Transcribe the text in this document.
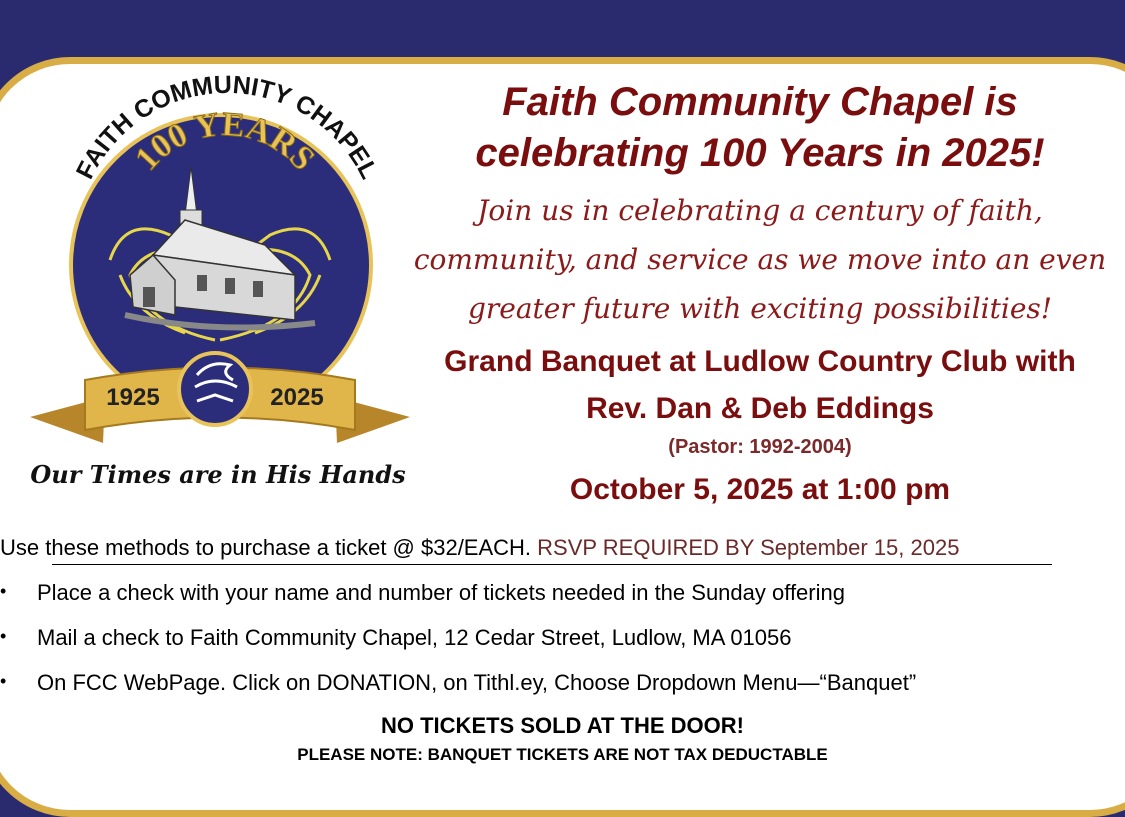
FAITH COMMUNITY CHAPEL
100 YEARS
1925	2025
Our Times are in His Hands
Faith Community Chapel is
celebrating 100 Years in 2025!
Join us in celebrating a century of faith,
community, and service as we move into an even
greater future with exciting possibilities!
Grand Banquet at Ludlow Country Club with
Rev. Dan & Deb Eddings
(Pastor: 1992-2004)
October 5, 2025 at 1:00 pm
Use these methods to purchase a ticket @ $32/EACH. RSVP REQUIRED BY September 15, 2025
• Place a check with your name and number of tickets needed in the Sunday offering
• Mail a check to Faith Community Chapel, 12 Cedar Street, Ludlow, MA 01056
• On FCC WebPage. Click on DONATION, on Tithl.ey, Choose Dropdown Menu—“Banquet”
NO TICKETS SOLD AT THE DOOR!
PLEASE NOTE: BANQUET TICKETS ARE NOT TAX DEDUCTABLE
